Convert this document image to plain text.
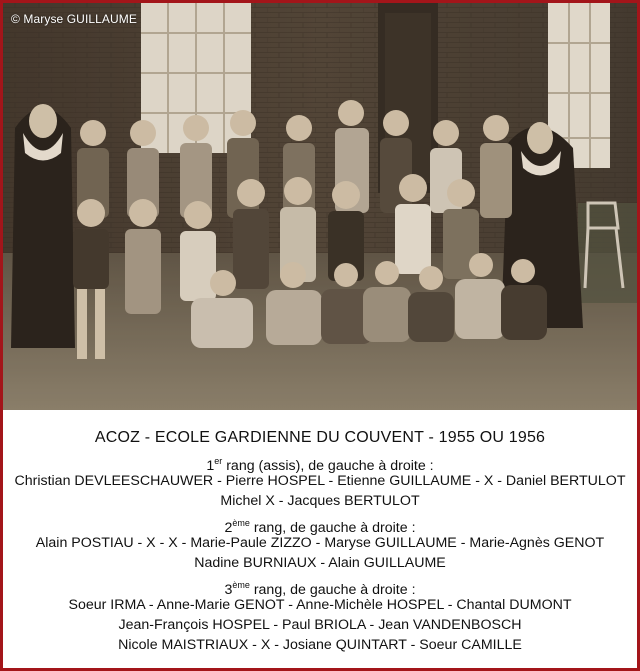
© Maryse GUILLAUME
ACOZ - ECOLE GARDIENNE DU COUVENT - 1955 OU 1956
1er rang (assis), de gauche à droite :
Christian DEVLEESCHAUWER - Pierre HOSPEL - Etienne GUILLAUME - X - Daniel BERTULOT
Michel X - Jacques BERTULOT
2ème rang, de gauche à droite :
Alain POSTIAU - X - X - Marie-Paule ZIZZO - Maryse GUILLAUME - Marie-Agnès GENOT
Nadine BURNIAUX - Alain GUILLAUME
3ème rang, de gauche à droite :
Soeur IRMA - Anne-Marie GENOT - Anne-Michèle HOSPEL - Chantal DUMONT
Jean-François HOSPEL - Paul BRIOLA - Jean VANDENBOSCH
Nicole MAISTRIAUX - X - Josiane QUINTART - Soeur CAMILLE
